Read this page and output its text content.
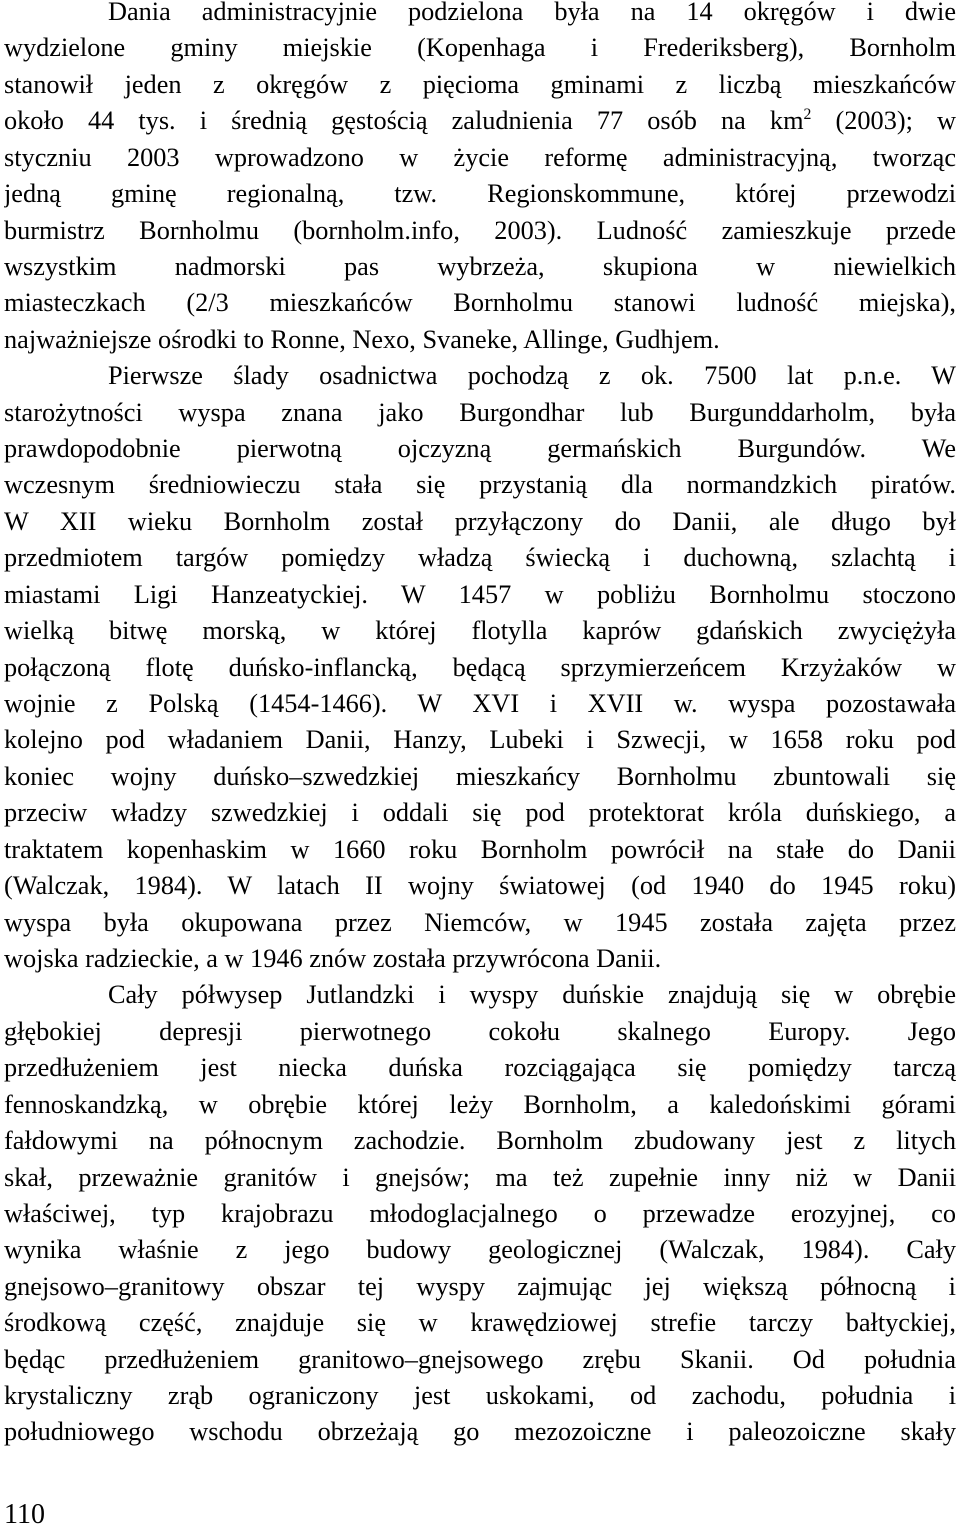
Dania administracyjnie podzielona była na 14 okręgów i dwie
wydzielone gminy miejskie (Kopenhaga i Frederiksberg), Bornholm
stanowił jeden z okręgów z pięcioma gminami z liczbą mieszkańców
około 44 tys. i średnią gęstością zaludnienia 77 osób na $km^2$ (2003); w
styczniu 2003 wprowadzono w życie reformę administracyjną, tworząc
jedną gminę regionalną, tzw. Regionskommune, której przewodzi
burmistrz Bornholmu (bornholm.info, 2003). Ludność zamieszkuje przede
wszystkim nadmorski pas wybrzeża, skupiona w niewielkich
miasteczkach (2/3 mieszkańców Bornholmu stanowi ludność miejska),
najważniejsze ośrodki to Ronne, Nexo, Svaneke, Allinge, Gudhjem.
Pierwsze ślady osadnictwa pochodzą z ok. 7500 lat p.n.e. W
starożytności wyspa znana jako Burgondhar lub Burgunddarholm, była
prawdopodobnie pierwotną ojczyzną germańskich Burgundów. We
wczesnym średniowieczu stała się przystanią dla normandzkich piratów.
W XII wieku Bornholm został przyłączony do Danii, ale długo był
przedmiotem targów pomiędzy władzą świecką i duchowną, szlachtą i
miastami Ligi Hanzeatyckiej. W 1457 w pobliżu Bornholmu stoczono
wielką bitwę morską, w której flotylla kaprów gdańskich zwyciężyła
połączoną flotę duńsko-inflancką, będącą sprzymierzeńcem Krzyżaków w
wojnie z Polską (1454-1466). W XVI i XVII w. wyspa pozostawała
kolejno pod władaniem Danii, Hanzy, Lubeki i Szwecji, w 1658 roku pod
koniec wojny duńsko–szwedzkiej mieszkańcy Bornholmu zbuntowali się
przeciw władzy szwedzkiej i oddali się pod protektorat króla duńskiego, a
traktatem kopenhaskim w 1660 roku Bornholm powrócił na stałe do Danii
(Walczak, 1984). W latach II wojny światowej (od 1940 do 1945 roku)
wyspa była okupowana przez Niemców, w 1945 została zajęta przez
wojska radzieckie, a w 1946 znów została przywrócona Danii.
Cały półwysep Jutlandzki i wyspy duńskie znajdują się w obrębie
głębokiej depresji pierwotnego cokołu skalnego Europy. Jego
przedłużeniem jest niecka duńska rozciągająca się pomiędzy tarczą
fennoskandzką, w obrębie której leży Bornholm, a kaledońskimi górami
fałdowymi na północnym zachodzie. Bornholm zbudowany jest z litych
skał, przeważnie granitów i gnejsów; ma też zupełnie inny niż w Danii
właściwej, typ krajobrazu młodoglacjalnego o przewadze erozyjnej, co
wynika właśnie z jego budowy geologicznej (Walczak, 1984). Cały
gnejsowo–granitowy obszar tej wyspy zajmując jej większą północną i
środkową część, znajduje się w krawędziowej strefie tarczy bałtyckiej,
będąc przedłużeniem granitowo–gnejsowego zrębu Skanii. Od południa
krystaliczny zrąb ograniczony jest uskokami, od zachodu, południa i
południowego wschodu obrzeżają go mezozoiczne i paleozoiczne skały
110
